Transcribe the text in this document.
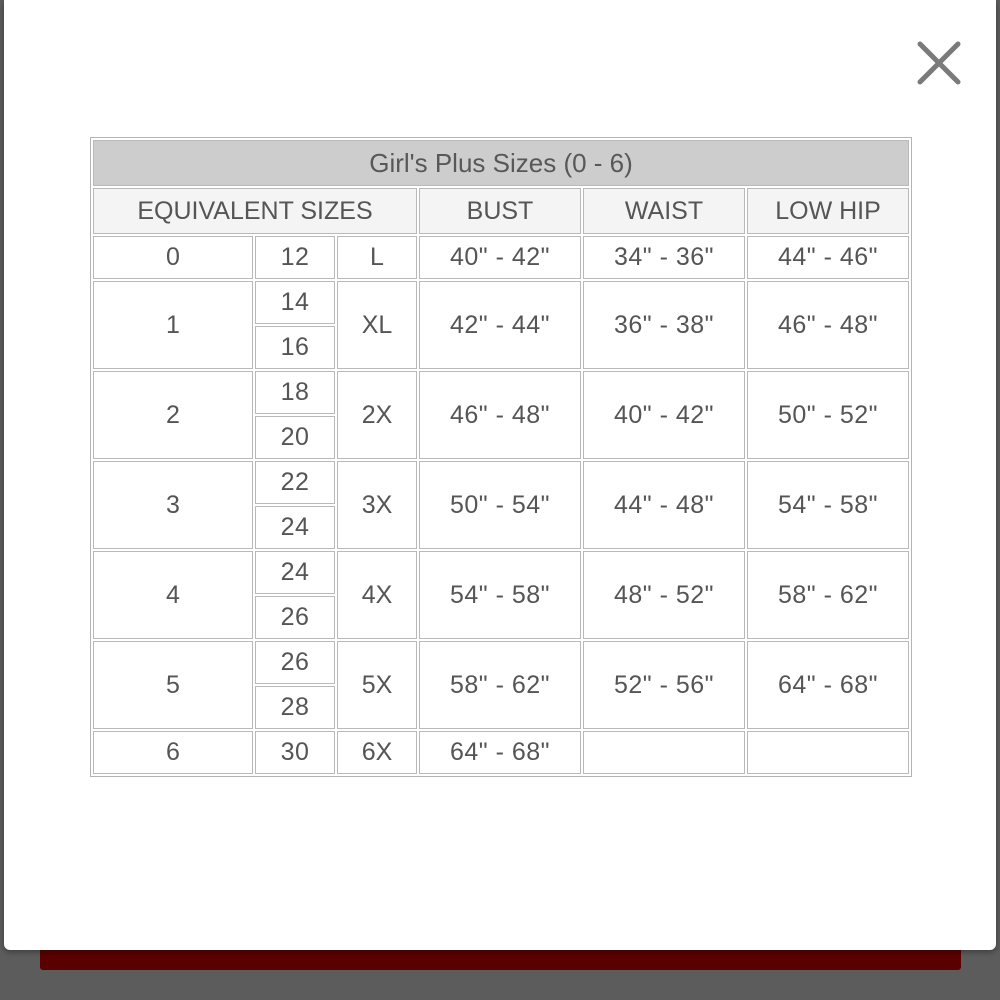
Girl's Plus Sizes (0 - 6)					
EQUIVALENT SIZES			BUST	WAIST	LOW HIP
0	12	L	40" - 42"	34" - 36"	44" - 46"
1	14	XL	42" - 44"	36" - 38"	46" - 48"
	16				
2	18	2X	46" - 48"	40" - 42"	50" - 52"
	20				
3	22	3X	50" - 54"	44" - 48"	54" - 58"
	24				
4	24	4X	54" - 58"	48" - 52"	58" - 62"
	26				
5	26	5X	58" - 62"	52" - 56"	64" - 68"
	28				
6	30	6X	64" - 68"		
